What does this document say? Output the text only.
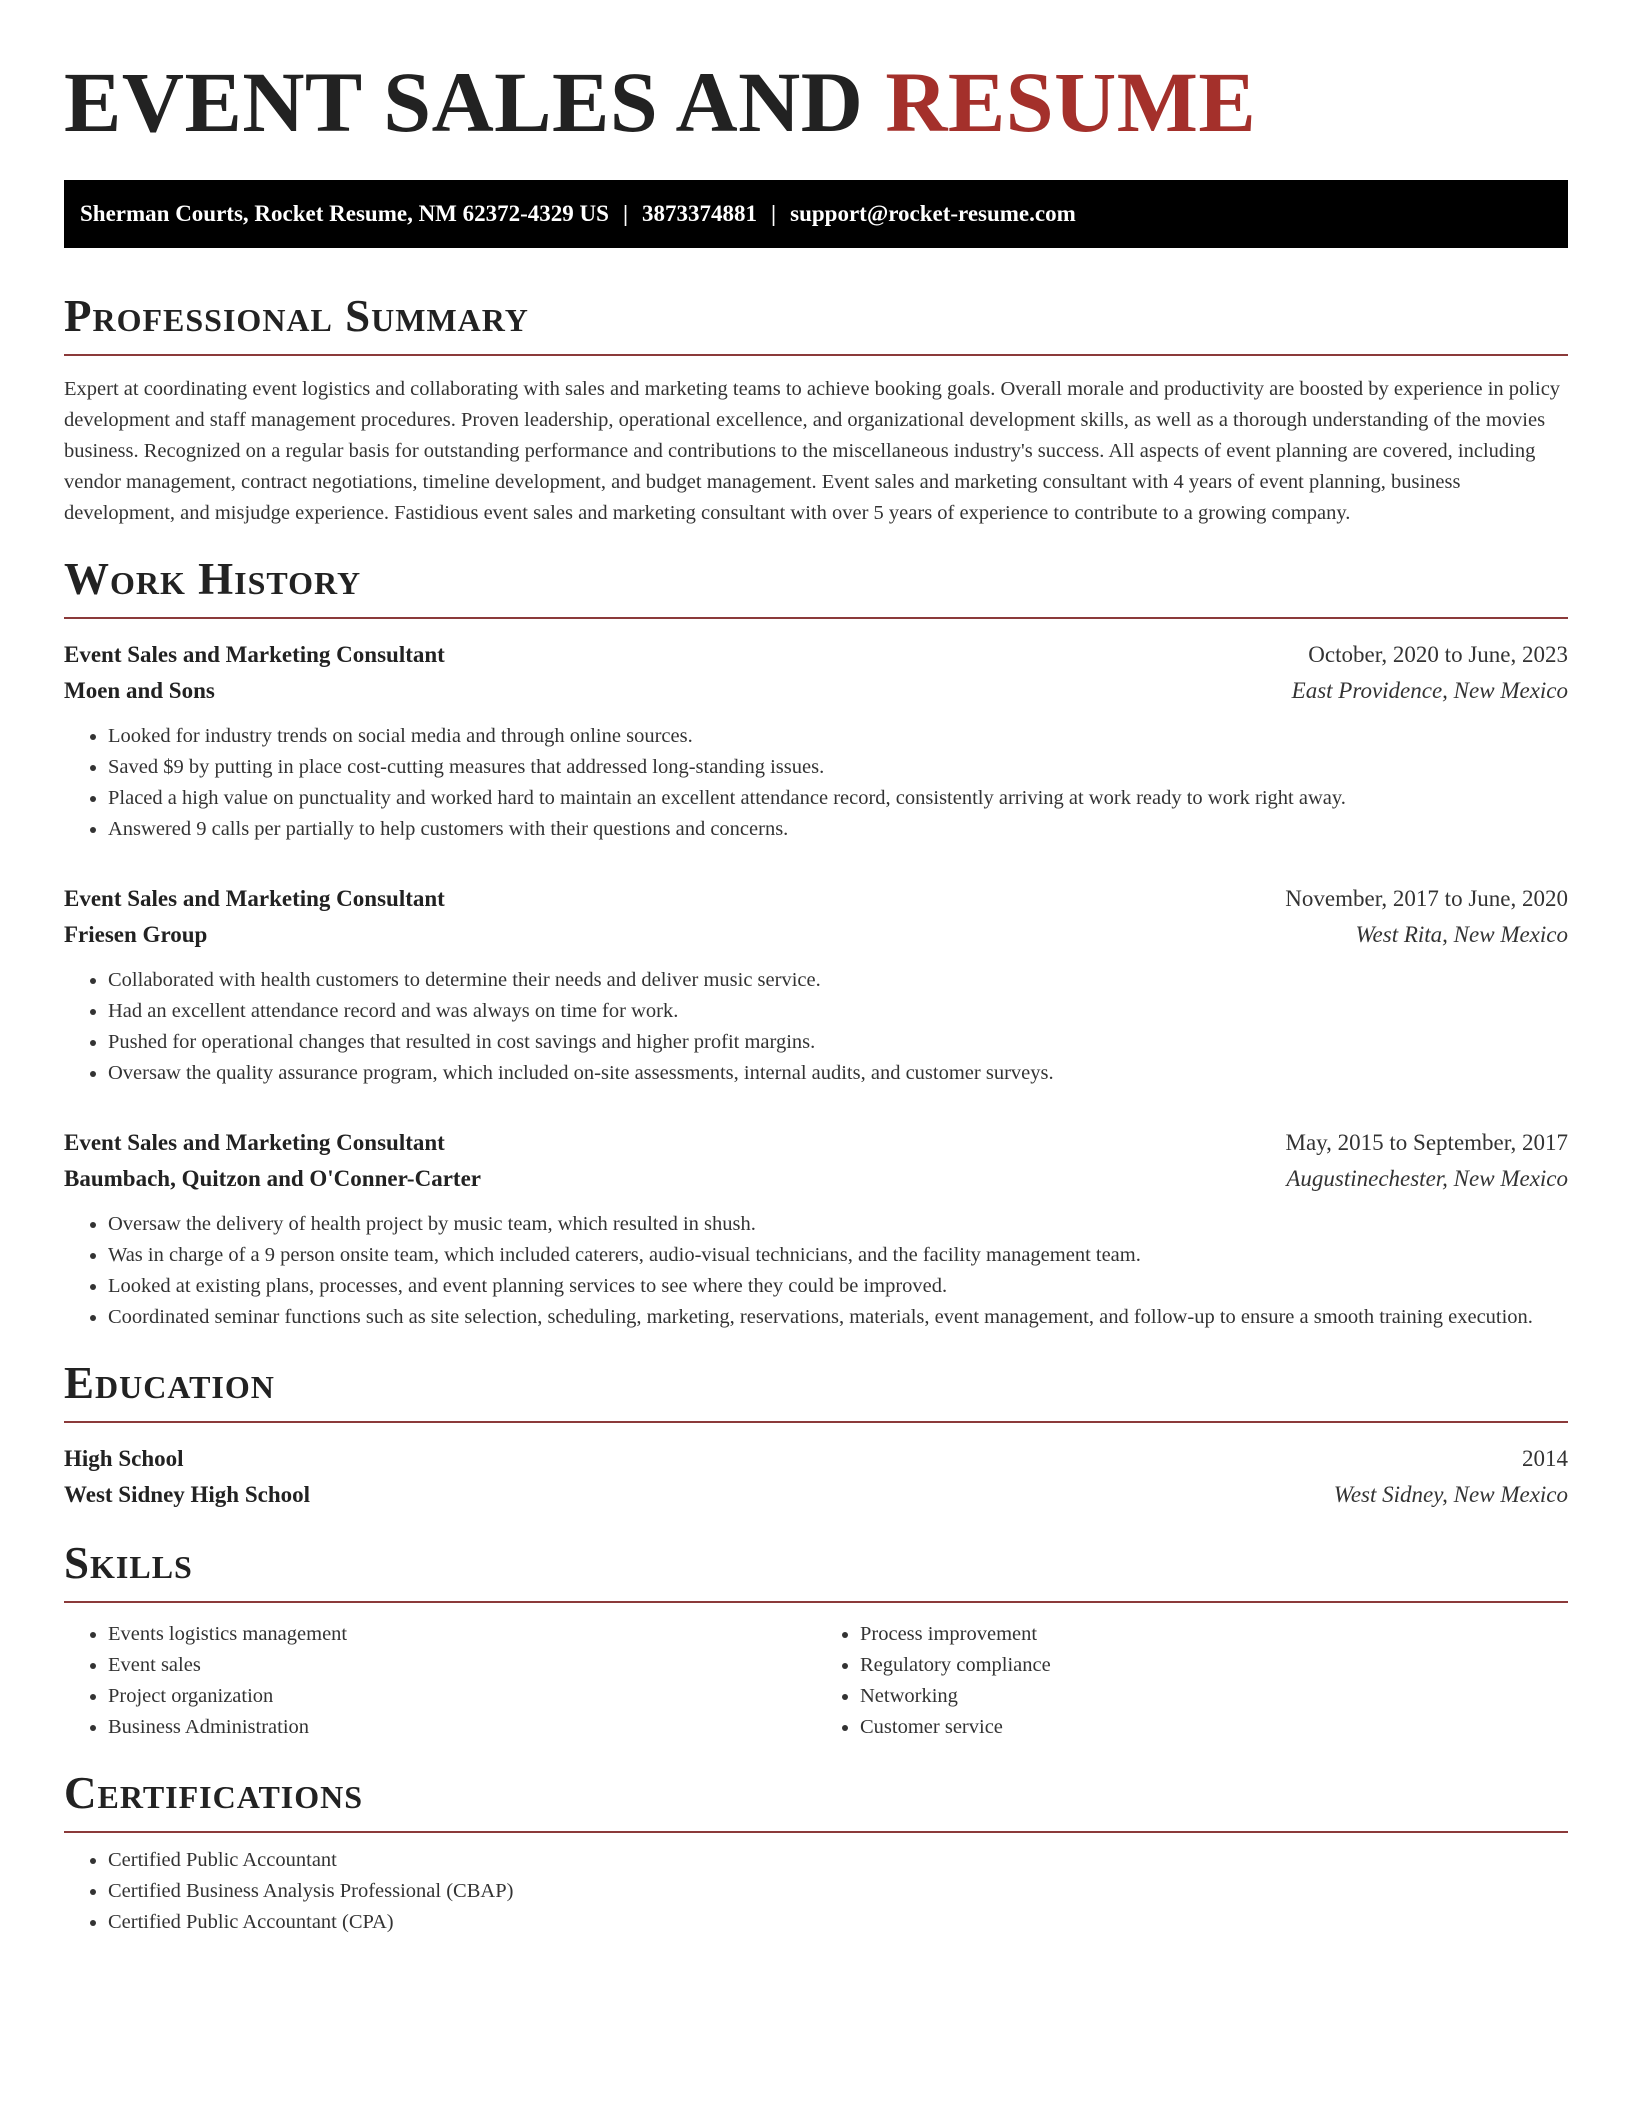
EVENT SALES AND RESUME
Sherman Courts, Rocket Resume, NM 62372-4329 US | 3873374881 | support@rocket-resume.com
Professional Summary

Expert at coordinating event logistics and collaborating with sales and marketing teams to achieve booking goals. Overall morale and productivity are boosted by experience in policy development and staff management procedures. Proven leadership, operational excellence, and organizational development skills, as well as a thorough understanding of the movies business. Recognized on a regular basis for outstanding performance and contributions to the miscellaneous industry's success. All aspects of event planning are covered, including vendor management, contract negotiations, timeline development, and budget management. Event sales and marketing consultant with 4 years of event planning, business development, and misjudge experience. Fastidious event sales and marketing consultant with over 5 years of experience to contribute to a growing company.

Work History
Event Sales and Marketing Consultant	October, 2020 to June, 2023
Moen and Sons	East Providence, New Mexico
• Looked for industry trends on social media and through online sources.
• Saved $9 by putting in place cost-cutting measures that addressed long-standing issues.
• Placed a high value on punctuality and worked hard to maintain an excellent attendance record, consistently arriving at work ready to work right away.
• Answered 9 calls per partially to help customers with their questions and concerns.
Event Sales and Marketing Consultant	November, 2017 to June, 2020
Friesen Group	West Rita, New Mexico
• Collaborated with health customers to determine their needs and deliver music service.
• Had an excellent attendance record and was always on time for work.
• Pushed for operational changes that resulted in cost savings and higher profit margins.
• Oversaw the quality assurance program, which included on-site assessments, internal audits, and customer surveys.
Event Sales and Marketing Consultant	May, 2015 to September, 2017
Baumbach, Quitzon and O'Conner-Carter	Augustinechester, New Mexico
• Oversaw the delivery of health project by music team, which resulted in shush.
• Was in charge of a 9 person onsite team, which included caterers, audio-visual technicians, and the facility management team.
• Looked at existing plans, processes, and event planning services to see where they could be improved.
• Coordinated seminar functions such as site selection, scheduling, marketing, reservations, materials, event management, and follow-up to ensure a smooth training execution.
Education
High School	2014
West Sidney High School	West Sidney, New Mexico
Skills
• Events logistics management
• Event sales
• Project organization
• Business Administration
• Process improvement
• Regulatory compliance
• Networking
• Customer service
Certifications
• Certified Public Accountant
• Certified Business Analysis Professional (CBAP)
• Certified Public Accountant (CPA)
